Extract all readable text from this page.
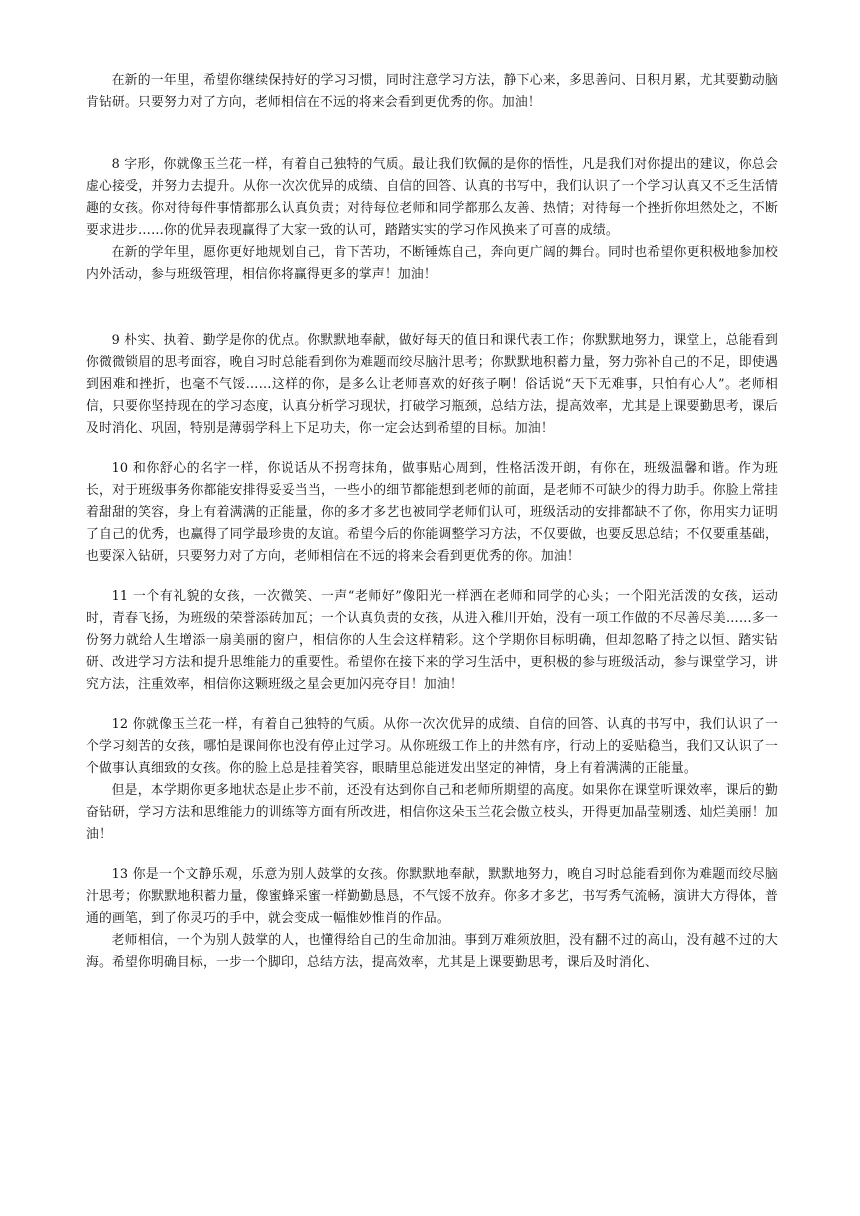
在新的一年里，希望你继续保持好的学习习惯，同时注意学习方法，静下心来，多思善问、日积月累，尤其要勤动脑肯钻研。只要努力对了方向，老师相信在不远的将来会看到更优秀的你。加油！

8 字形，你就像玉兰花一样，有着自己独特的气质。最让我们钦佩的是你的悟性，凡是我们对你提出的建议，你总会虚心接受，并努力去提升。从你一次次优异的成绩、自信的回答、认真的书写中，我们认识了一个学习认真又不乏生活情趣的女孩。你对待每件事情都那么认真负责；对待每位老师和同学都那么友善、热情；对待每一个挫折你坦然处之，不断要求进步……你的优异表现赢得了大家一致的认可，踏踏实实的学习作风换来了可喜的成绩。

在新的学年里，愿你更好地规划自己，肯下苦功，不断锤炼自己，奔向更广阔的舞台。同时也希望你更积极地参加校内外活动，参与班级管理，相信你将赢得更多的掌声！加油！

9 朴实、执着、勤学是你的优点。你默默地奉献，做好每天的值日和课代表工作；你默默地努力，课堂上，总能看到你微微锁眉的思考面容，晚自习时总能看到你为难题而绞尽脑汁思考；你默默地积蓄力量，努力弥补自己的不足，即使遇到困难和挫折，也毫不气馁……这样的你，是多么让老师喜欢的好孩子啊！俗话说“天下无难事，只怕有心人”。老师相信，只要你坚持现在的学习态度，认真分析学习现状，打破学习瓶颈，总结方法，提高效率，尤其是上课要勤思考，课后及时消化、巩固，特别是薄弱学科上下足功夫，你一定会达到希望的目标。加油！

10 和你舒心的名字一样，你说话从不拐弯抹角，做事贴心周到，性格活泼开朗，有你在，班级温馨和谐。作为班长，对于班级事务你都能安排得妥妥当当，一些小的细节都能想到老师的前面，是老师不可缺少的得力助手。你脸上常挂着甜甜的笑容，身上有着满满的正能量，你的多才多艺也被同学老师们认可，班级活动的安排都缺不了你，你用实力证明了自己的优秀，也赢得了同学最珍贵的友谊。希望今后的你能调整学习方法，不仅要做，也要反思总结；不仅要重基础，也要深入钻研，只要努力对了方向，老师相信在不远的将来会看到更优秀的你。加油！

11 一个有礼貌的女孩，一次微笑、一声“老师好”像阳光一样洒在老师和同学的心头；一个阳光活泼的女孩，运动时，青春飞扬，为班级的荣誉添砖加瓦；一个认真负责的女孩，从进入稚川开始，没有一项工作做的不尽善尽美……多一份努力就给人生增添一扇美丽的窗户，相信你的人生会这样精彩。这个学期你目标明确，但却忽略了持之以恒、踏实钻研、改进学习方法和提升思维能力的重要性。希望你在接下来的学习生活中，更积极的参与班级活动，参与课堂学习，讲究方法，注重效率，相信你这颗班级之星会更加闪亮夺目！加油！

12 你就像玉兰花一样，有着自己独特的气质。从你一次次优异的成绩、自信的回答、认真的书写中，我们认识了一个学习刻苦的女孩，哪怕是课间你也没有停止过学习。从你班级工作上的井然有序，行动上的妥贴稳当，我们又认识了一个做事认真细致的女孩。你的脸上总是挂着笑容，眼睛里总能迸发出坚定的神情，身上有着满满的正能量。

但是，本学期你更多地状态是止步不前，还没有达到你自己和老师所期望的高度。如果你在课堂听课效率，课后的勤奋钻研，学习方法和思维能力的训练等方面有所改进，相信你这朵玉兰花会傲立枝头，开得更加晶莹剔透、灿烂美丽！加油！

13 你是一个文静乐观，乐意为别人鼓掌的女孩。你默默地奉献，默默地努力，晚自习时总能看到你为难题而绞尽脑汁思考；你默默地积蓄力量，像蜜蜂采蜜一样勤勤恳恳，不气馁不放弃。你多才多艺，书写秀气流畅，演讲大方得体，普通的画笔，到了你灵巧的手中，就会变成一幅惟妙惟肖的作品。

老师相信，一个为别人鼓掌的人，也懂得给自己的生命加油。事到万难须放胆，没有翻不过的高山，没有越不过的大海。希望你明确目标，一步一个脚印，总结方法，提高效率，尤其是上课要勤思考，课后及时消化、
